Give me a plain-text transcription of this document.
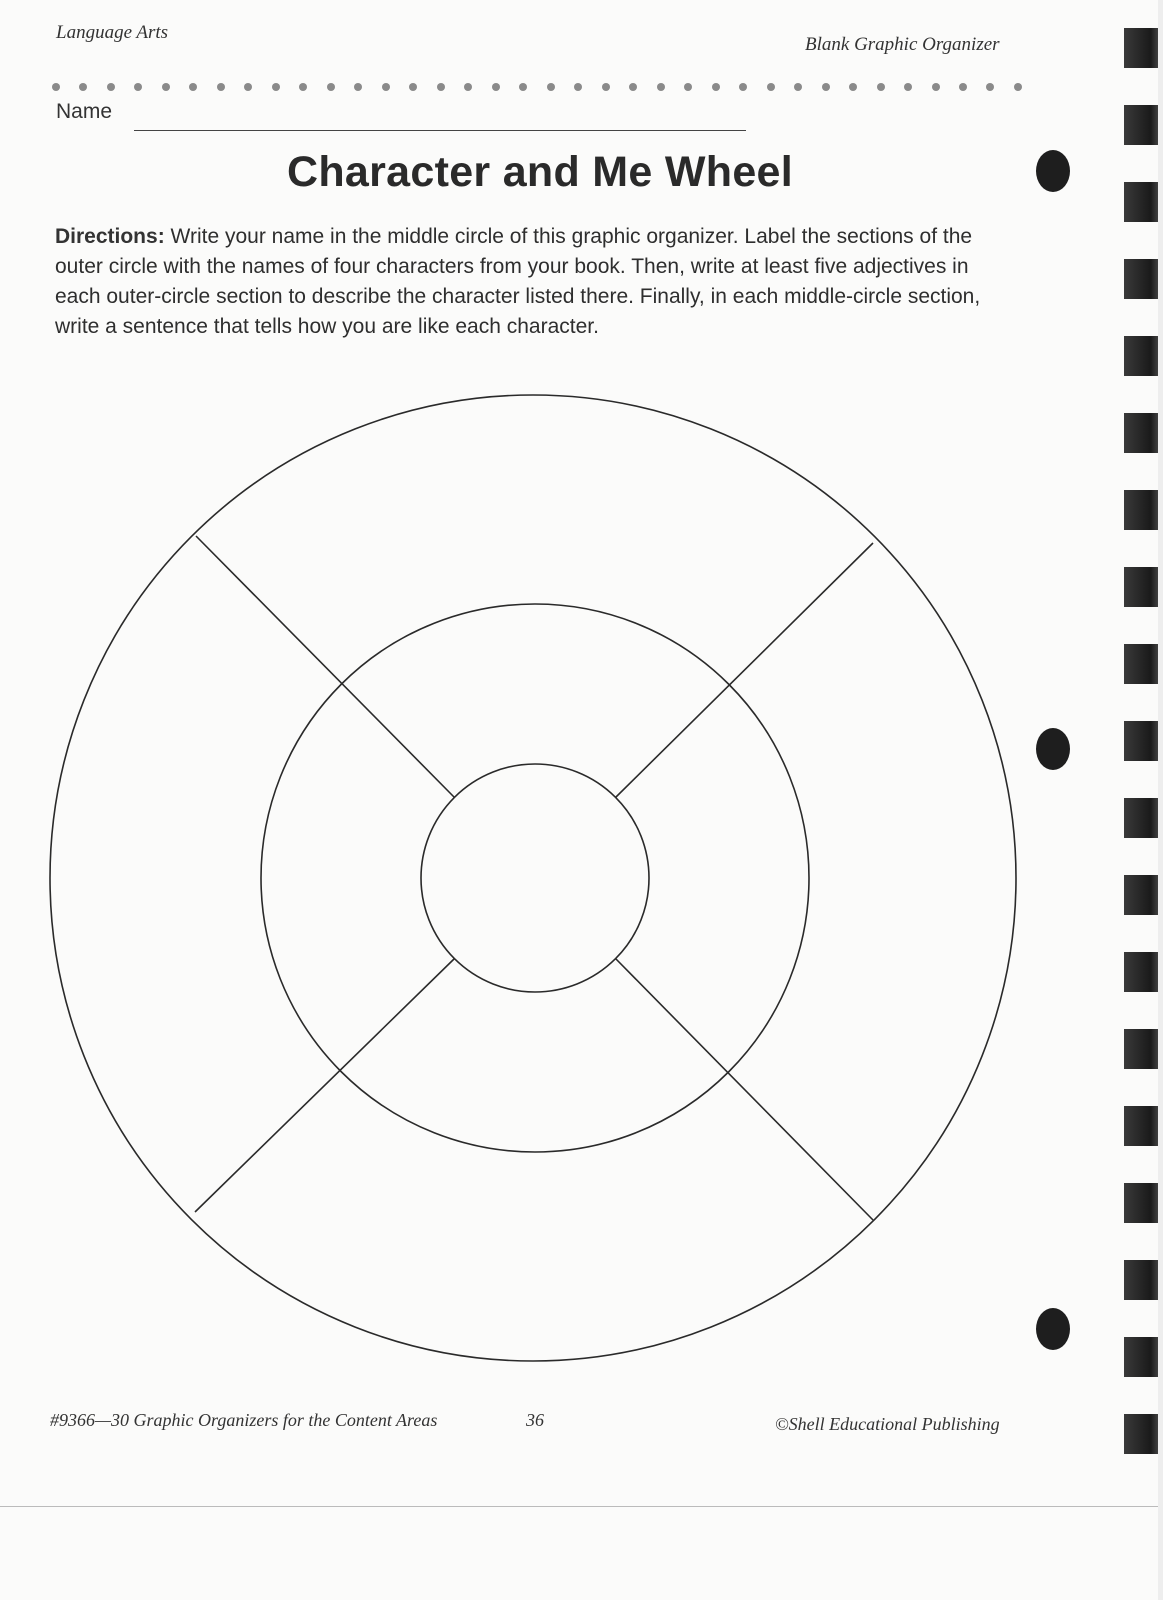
Language Arts
Blank Graphic Organizer
Name
Character and Me Wheel
Directions: Write your name in the middle circle of this graphic organizer. Label the sections of the outer circle with the names of four characters from your book. Then, write at least five adjectives in each outer-circle section to describe the character listed there. Finally, in each middle-circle section, write a sentence that tells how you are like each character.
#9366—30 Graphic Organizers for the Content Areas	36	©Shell Educational Publishing
